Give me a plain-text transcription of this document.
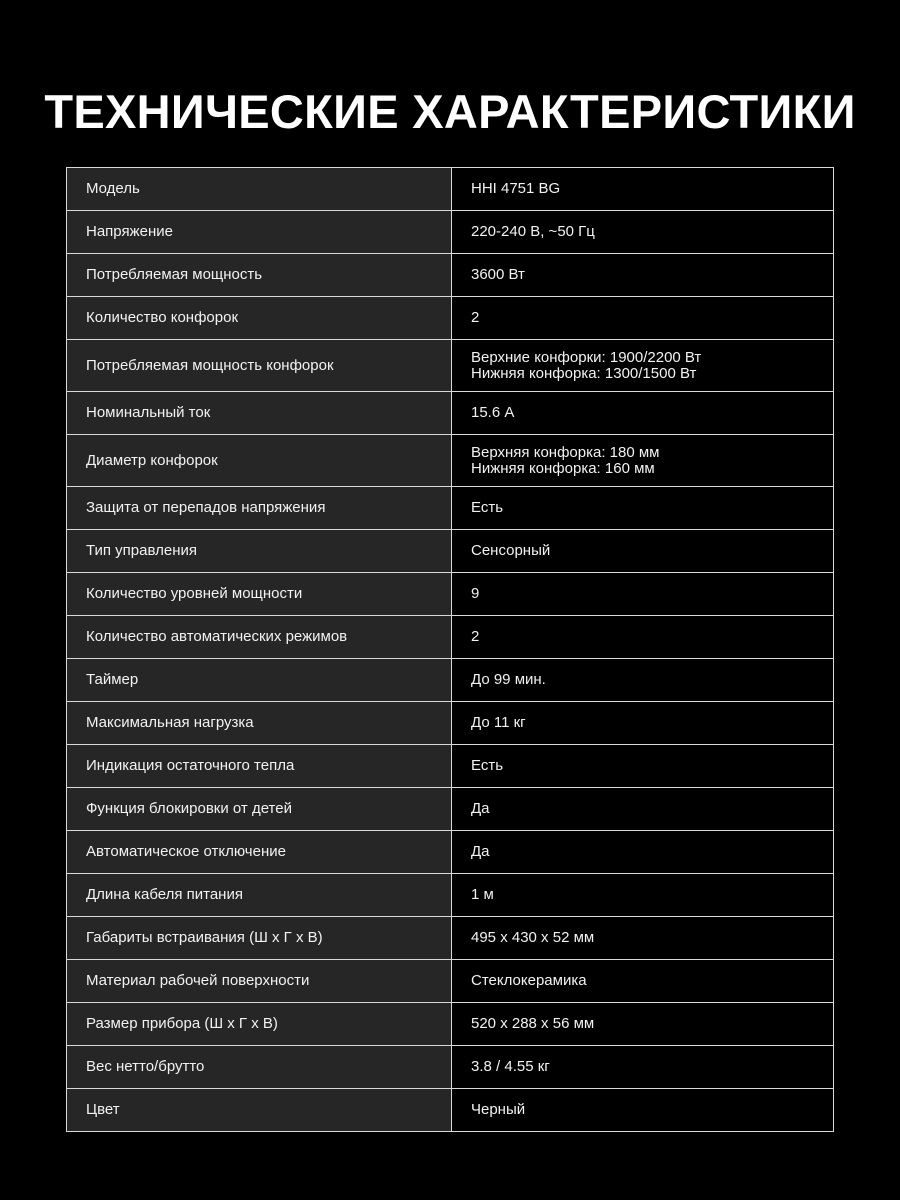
ТЕХНИЧЕСКИЕ ХАРАКТЕРИСТИКИ
Модель	HHI 4751 BG

Напряжение	220-240 В, ~50 Гц

Потребляемая мощность	3600 Вт

Количество конфорок	2

Потребляемая мощность конфорок	Верхние конфорки: 1900/2200 Вт
Нижняя конфорка: 1300/1500 Вт

Номинальный ток	15.6 А

Диаметр конфорок	Верхняя конфорка: 180 мм
Нижняя конфорка: 160 мм

Защита от перепадов напряжения	Есть

Тип управления	Сенсорный

Количество уровней мощности	9

Количество автоматических режимов	2

Таймер	До 99 мин.

Максимальная нагрузка	До 11 кг

Индикация остаточного тепла	Есть

Функция блокировки от детей	Да

Автоматическое отключение	Да

Длина кабеля питания	1 м

Габариты встраивания (Ш х Г х В)	495 х 430 х 52 мм

Материал рабочей поверхности	Стеклокерамика

Размер прибора (Ш х Г х В)	520 х 288 х 56 мм

Вес нетто/брутто	3.8 / 4.55 кг

Цвет	Черный
